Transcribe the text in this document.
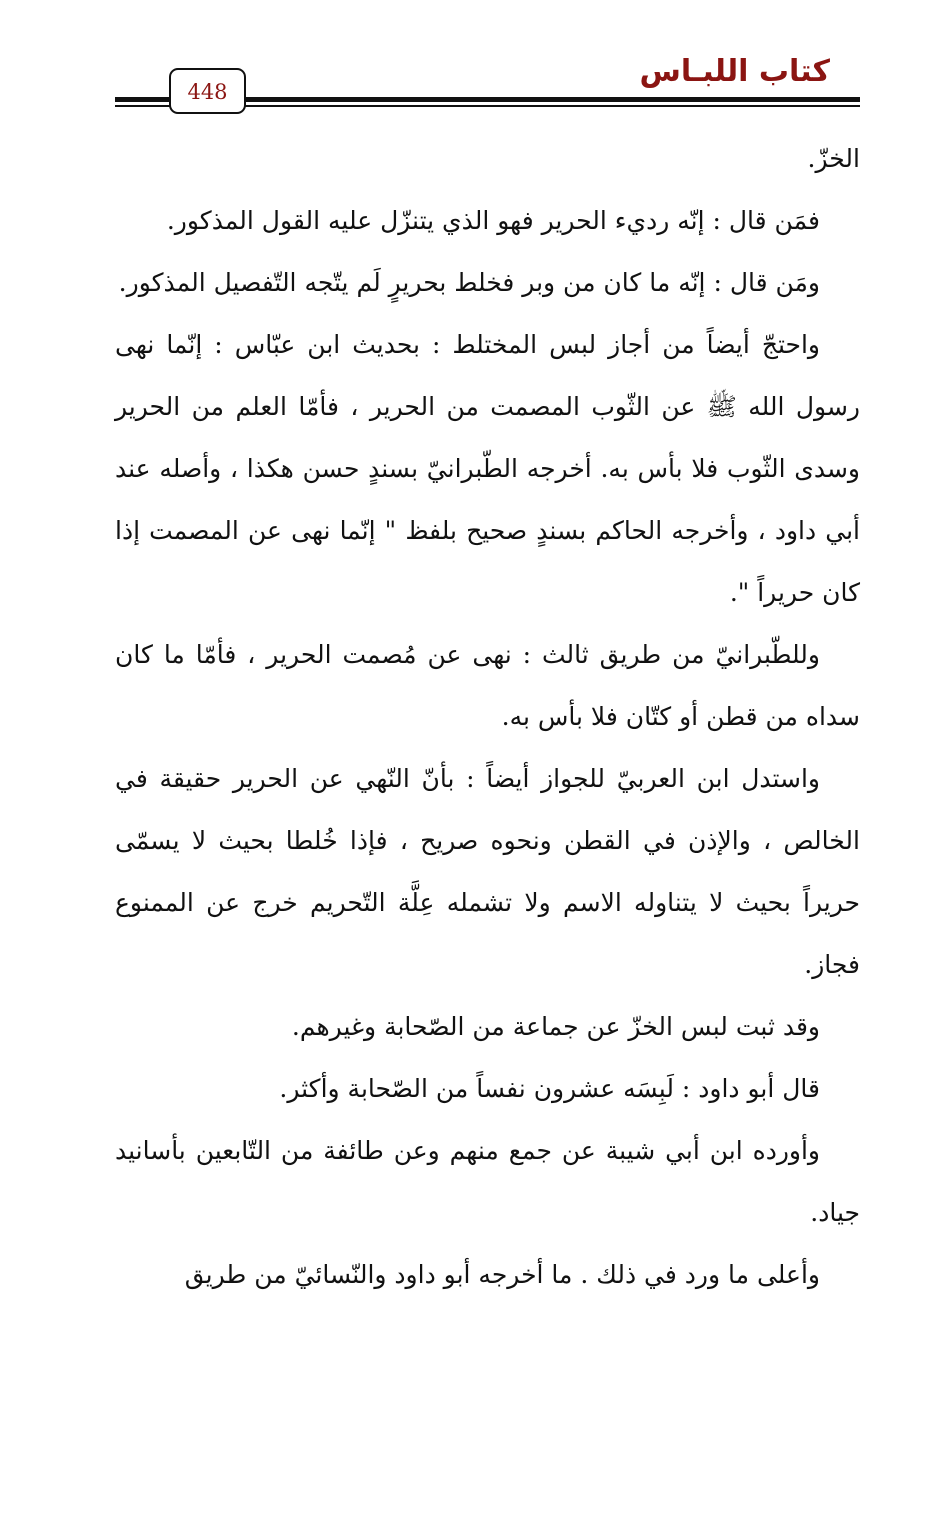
كتاب اللبـاس
448

الخزّ.

فمَن قال : إنّه رديء الحرير فهو الذي يتنزّل عليه القول المذكور.

ومَن قال : إنّه ما كان من وبر فخلط بحريرٍ لَم يتّجه التّفصيل المذكور.

واحتجّ أيضاً من أجاز لبس المختلط : بحديث ابن عبّاس : إنّما نهى رسول الله ﷺ عن الثّوب المصمت من الحرير ، فأمّا العلم من الحرير وسدى الثّوب فلا بأس به. أخرجه الطّبرانيّ بسندٍ حسن هكذا ، وأصله عند أبي داود ، وأخرجه الحاكم بسندٍ صحيح بلفظ " إنّما نهى عن المصمت إذا كان حريراً ".

وللطّبرانيّ من طريق ثالث : نهى عن مُصمت الحرير ، فأمّا ما كان سداه من قطن أو كتّان فلا بأس به.

واستدل ابن العربيّ للجواز أيضاً : بأنّ النّهي عن الحرير حقيقة في الخالص ، والإذن في القطن ونحوه صريح ، فإذا خُلطا بحيث لا يسمّى حريراً بحيث لا يتناوله الاسم ولا تشمله عِلَّة التّحريم خرج عن الممنوع فجاز.

وقد ثبت لبس الخزّ عن جماعة من الصّحابة وغيرهم.

قال أبو داود : لَبِسَه عشرون نفساً من الصّحابة وأكثر.

وأورده ابن أبي شيبة عن جمع منهم وعن طائفة من التّابعين بأسانيد جياد.

وأعلى ما ورد في ذلك . ما أخرجه أبو داود والنّسائيّ من طريق
